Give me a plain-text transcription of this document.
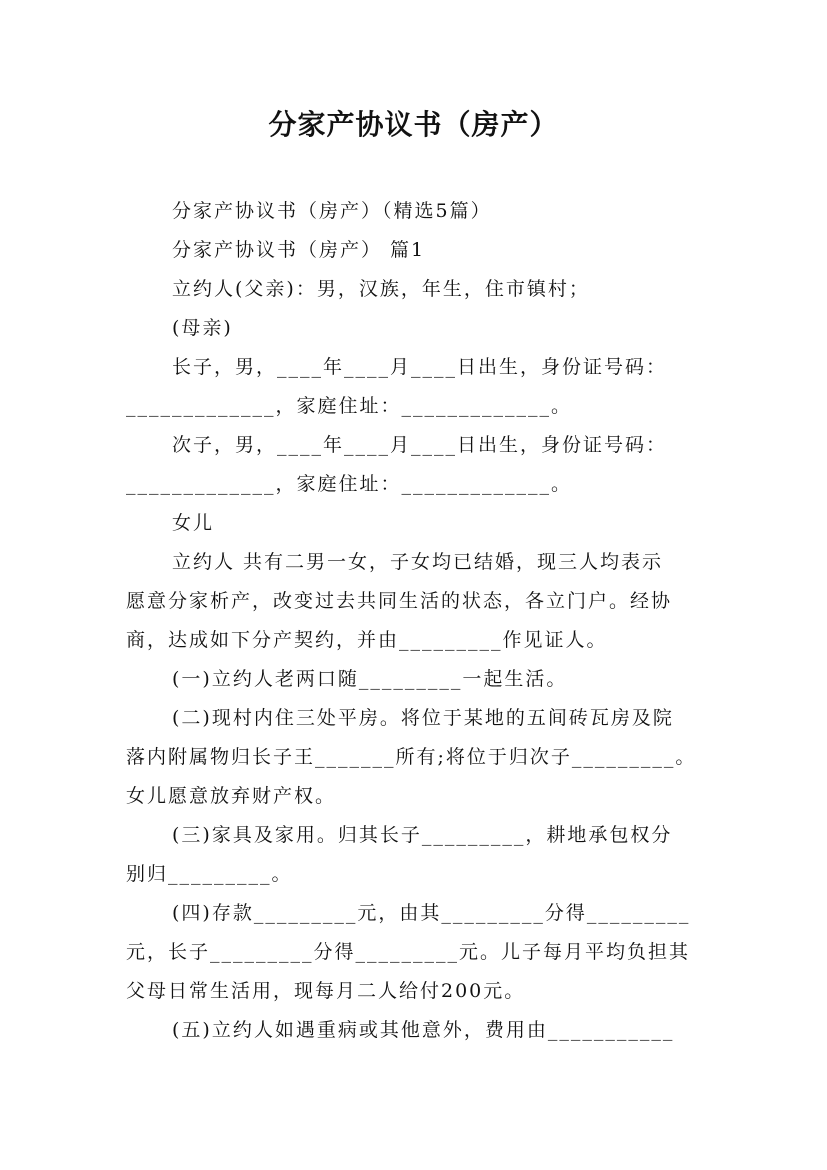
分家产协议书（房产）
分家产协议书（房产）（精选5篇）
分家产协议书（房产） 篇1
立约人(父亲)：男，汉族，年生，住市镇村；
(母亲)
长子，男，____年____月____日出生，身份证号码：
_____________，家庭住址：_____________。
次子，男，____年____月____日出生，身份证号码：
_____________，家庭住址：_____________。
女儿
立约人 共有二男一女，子女均已结婚，现三人均表示
愿意分家析产，改变过去共同生活的状态，各立门户。经协
商，达成如下分产契约，并由_________作见证人。
(一)立约人老两口随_________一起生活。
(二)现村内住三处平房。将位于某地的五间砖瓦房及院
落内附属物归长子王_______所有;将位于归次子_________。
女儿愿意放弃财产权。
(三)家具及家用。归其长子_________，耕地承包权分
别归_________。
(四)存款_________元，由其_________分得_________
元，长子_________分得_________元。儿子每月平均负担其
父母日常生活用，现每月二人给付200元。
(五)立约人如遇重病或其他意外，费用由___________
